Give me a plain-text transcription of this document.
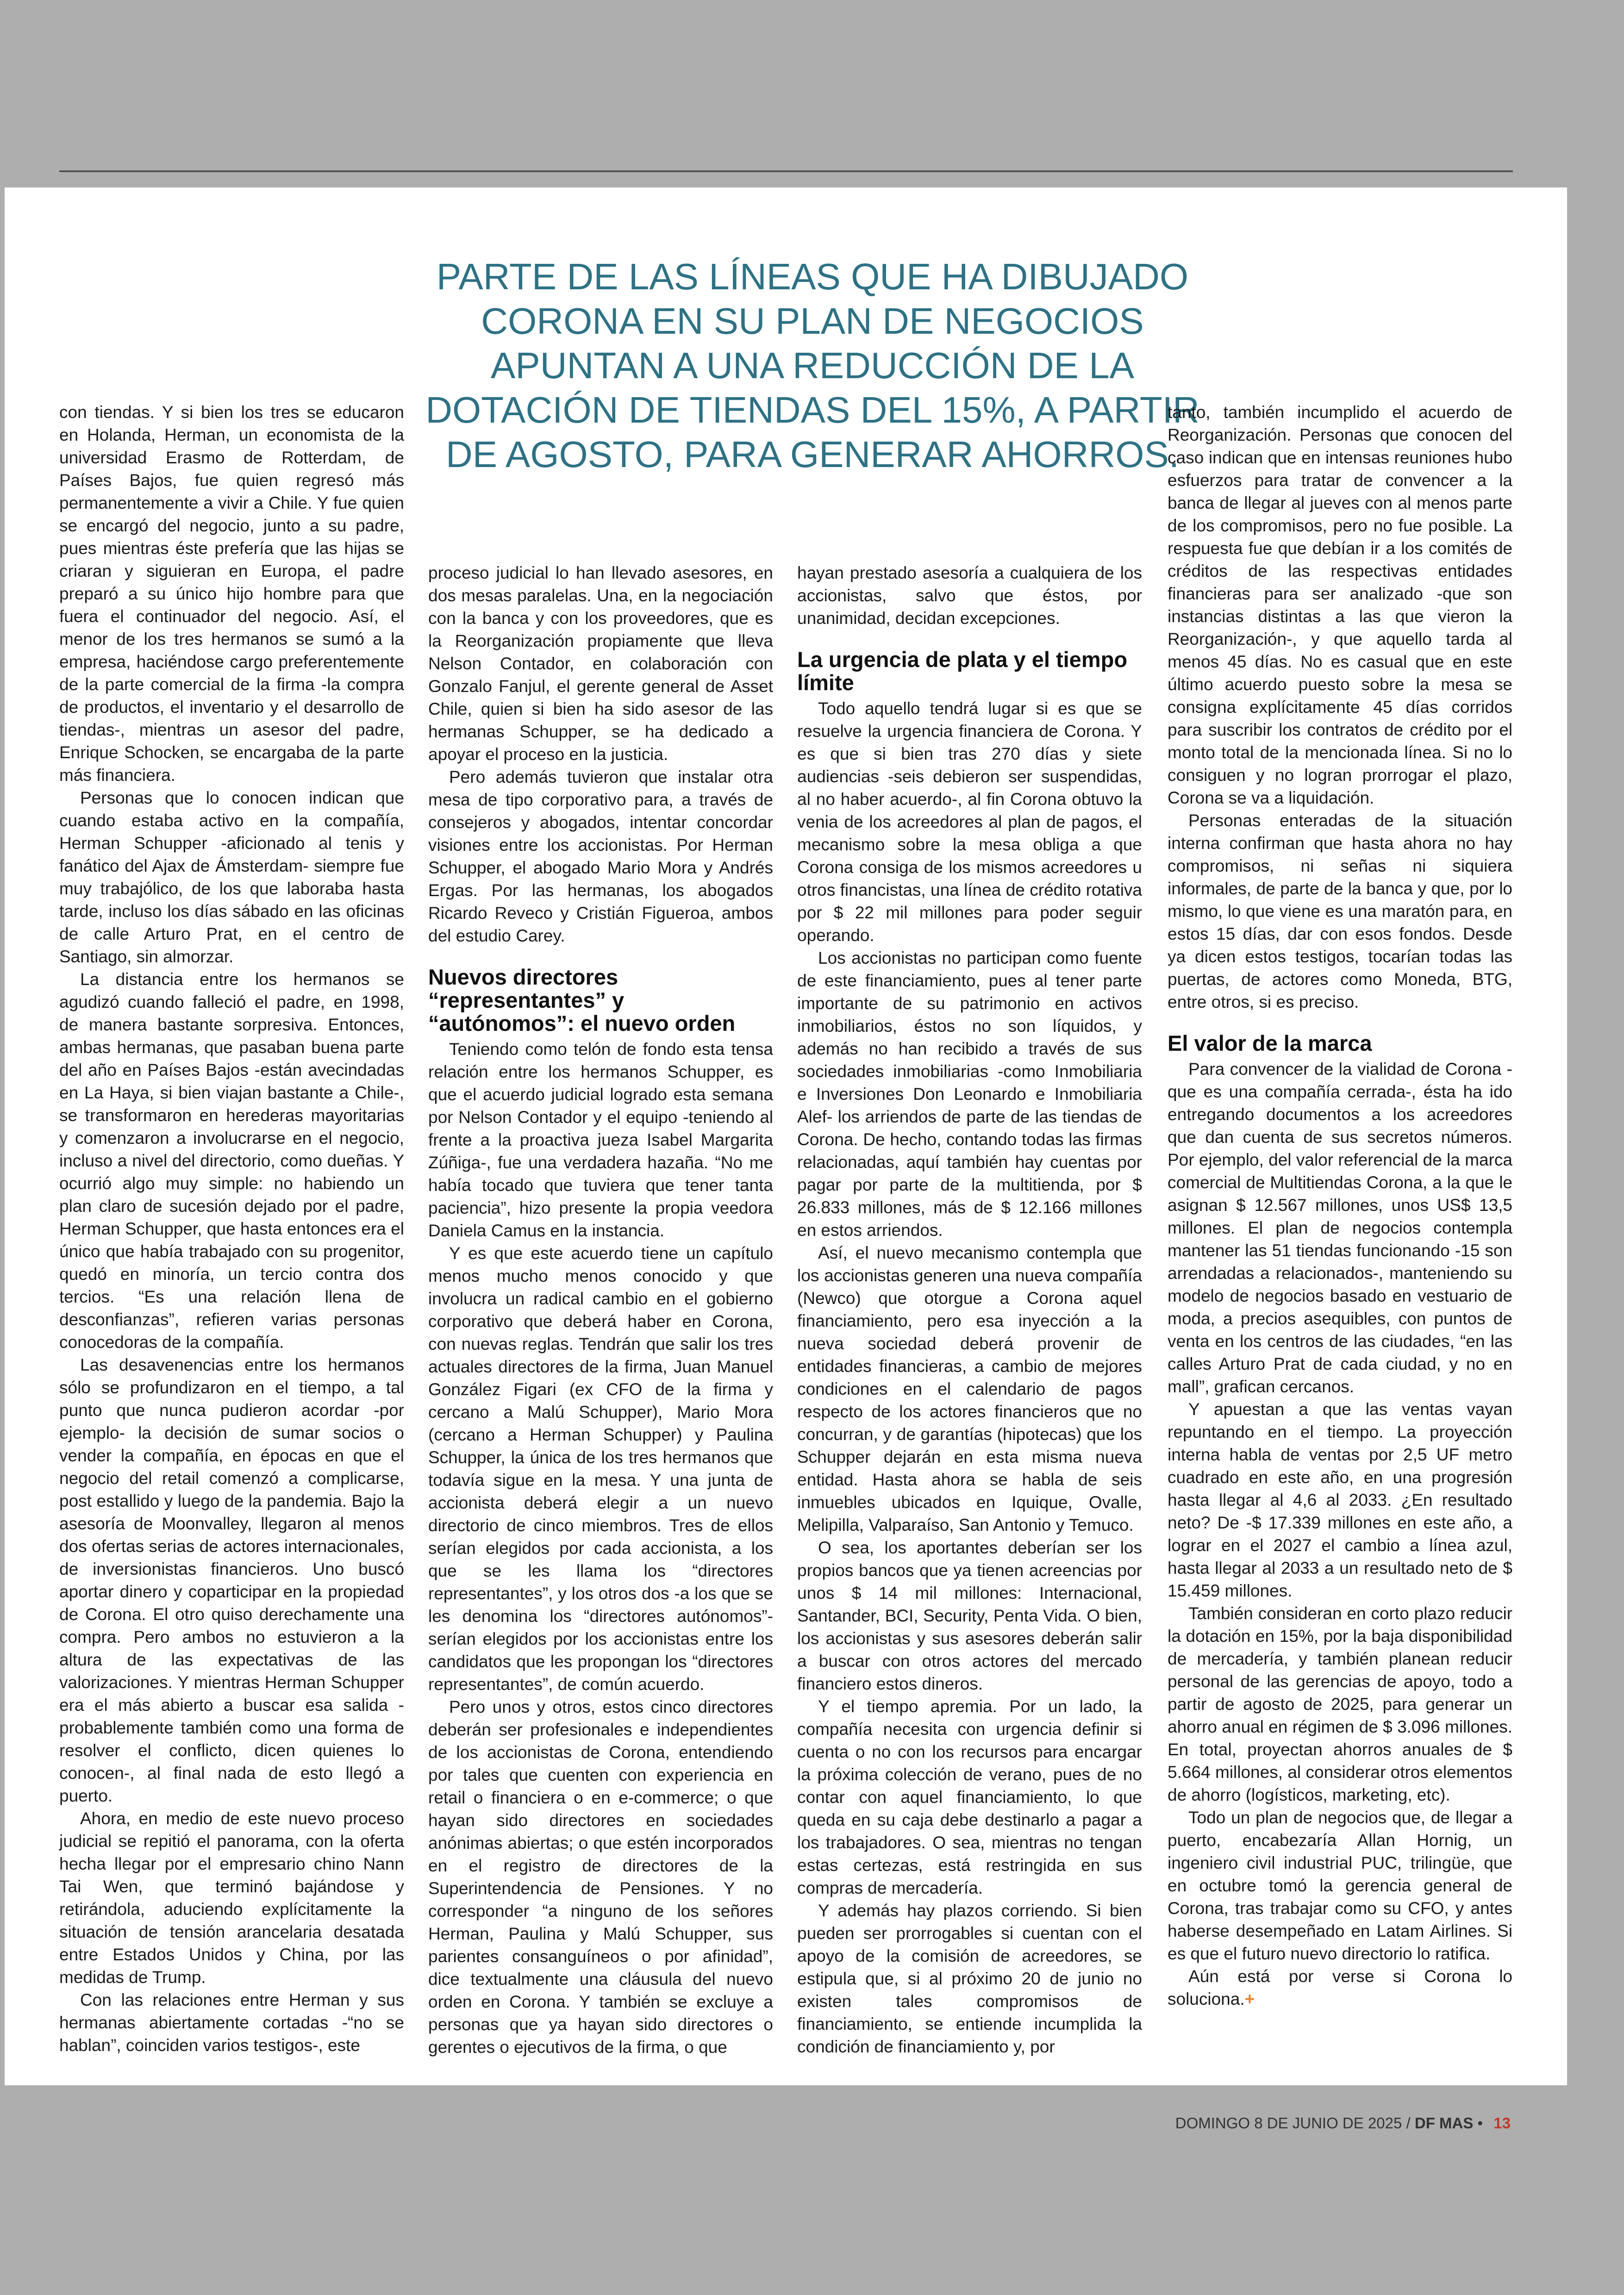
PARTE DE LAS LÍNEAS QUE HA DIBUJADO CORONA EN SU PLAN DE NEGOCIOS APUNTAN A UNA REDUCCIÓN DE LA DOTACIÓN DE TIENDAS DEL 15%, A PARTIR DE AGOSTO, PARA GENERAR AHORROS.

con tiendas. Y si bien los tres se educaron en Holanda, Herman, un economista de la universidad Erasmo de Rotterdam, de Países Bajos, fue quien regresó más permanentemente a vivir a Chile. Y fue quien se encargó del negocio, junto a su padre, pues mientras éste prefería que las hijas se criaran y siguieran en Europa, el padre preparó a su único hijo hombre para que fuera el continuador del negocio. Así, el menor de los tres hermanos se sumó a la empresa, haciéndose cargo preferentemente de la parte comercial de la firma -la compra de productos, el inventario y el desarrollo de tiendas-, mientras un asesor del padre, Enrique Schocken, se encargaba de la parte más financiera.

Personas que lo conocen indican que cuando estaba activo en la compañía, Herman Schupper -aficionado al tenis y fanático del Ajax de Ámsterdam- siempre fue muy trabajólico, de los que laboraba hasta tarde, incluso los días sábado en las oficinas de calle Arturo Prat, en el centro de Santiago, sin almorzar.

La distancia entre los hermanos se agudizó cuando falleció el padre, en 1998, de manera bastante sorpresiva. Entonces, ambas hermanas, que pasaban buena parte del año en Países Bajos -están avecindadas en La Haya, si bien viajan bastante a Chile-, se transformaron en herederas mayoritarias y comenzaron a involucrarse en el negocio, incluso a nivel del directorio, como dueñas. Y ocurrió algo muy simple: no habiendo un plan claro de sucesión dejado por el padre, Herman Schupper, que hasta entonces era el único que había trabajado con su progenitor, quedó en minoría, un tercio contra dos tercios. “Es una relación llena de desconfianzas”, refieren varias personas conocedoras de la compañía.

Las desavenencias entre los hermanos sólo se profundizaron en el tiempo, a tal punto que nunca pudieron acordar -por ejemplo- la decisión de sumar socios o vender la compañía, en épocas en que el negocio del retail comenzó a complicarse, post estallido y luego de la pandemia. Bajo la asesoría de Moonvalley, llegaron al menos dos ofertas serias de actores internacionales, de inversionistas financieros. Uno buscó aportar dinero y coparticipar en la propiedad de Corona. El otro quiso derechamente una compra. Pero ambos no estuvieron a la altura de las expectativas de las valorizaciones. Y mientras Herman Schupper era el más abierto a buscar esa salida -probablemente también como una forma de resolver el conflicto, dicen quienes lo conocen-, al final nada de esto llegó a puerto.

Ahora, en medio de este nuevo proceso judicial se repitió el panorama, con la oferta hecha llegar por el empresario chino Nann Tai Wen, que terminó bajándose y retirándola, aduciendo explícitamente la situación de tensión arancelaria desatada entre Estados Unidos y China, por las medidas de Trump.

Con las relaciones entre Herman y sus hermanas abiertamente cortadas -“no se hablan”, coinciden varios testigos-, este

proceso judicial lo han llevado asesores, en dos mesas paralelas. Una, en la negociación con la banca y con los proveedores, que es la Reorganización propiamente que lleva Nelson Contador, en colaboración con Gonzalo Fanjul, el gerente general de Asset Chile, quien si bien ha sido asesor de las hermanas Schupper, se ha dedicado a apoyar el proceso en la justicia.

Pero además tuvieron que instalar otra mesa de tipo corporativo para, a través de consejeros y abogados, intentar concordar visiones entre los accionistas. Por Herman Schupper, el abogado Mario Mora y Andrés Ergas. Por las hermanas, los abogados Ricardo Reveco y Cristián Figueroa, ambos del estudio Carey.

Nuevos directores “representantes” y “autónomos”: el nuevo orden

Teniendo como telón de fondo esta tensa relación entre los hermanos Schupper, es que el acuerdo judicial logrado esta semana por Nelson Contador y el equipo -teniendo al frente a la proactiva jueza Isabel Margarita Zúñiga-, fue una verdadera hazaña. “No me había tocado que tuviera que tener tanta paciencia”, hizo presente la propia veedora Daniela Camus en la instancia.

Y es que este acuerdo tiene un capítulo menos mucho menos conocido y que involucra un radical cambio en el gobierno corporativo que deberá haber en Corona, con nuevas reglas. Tendrán que salir los tres actuales directores de la firma, Juan Manuel González Figari (ex CFO de la firma y cercano a Malú Schupper), Mario Mora (cercano a Herman Schupper) y Paulina Schupper, la única de los tres hermanos que todavía sigue en la mesa. Y una junta de accionista deberá elegir a un nuevo directorio de cinco miembros. Tres de ellos serían elegidos por cada accionista, a los que se les llama los “directores representantes”, y los otros dos -a los que se les denomina los “directores autónomos”- serían elegidos por los accionistas entre los candidatos que les propongan los “directores representantes”, de común acuerdo.

Pero unos y otros, estos cinco directores deberán ser profesionales e independientes de los accionistas de Corona, entendiendo por tales que cuenten con experiencia en retail o financiera o en e-commerce; o que hayan sido directores en sociedades anónimas abiertas; o que estén incorporados en el registro de directores de la Superintendencia de Pensiones. Y no corresponder “a ninguno de los señores Herman, Paulina y Malú Schupper, sus parientes consanguíneos o por afinidad”, dice textualmente una cláusula del nuevo orden en Corona. Y también se excluye a personas que ya hayan sido directores o gerentes o ejecutivos de la firma, o que

hayan prestado asesoría a cualquiera de los accionistas, salvo que éstos, por unanimidad, decidan excepciones.

La urgencia de plata y el tiempo límite

Todo aquello tendrá lugar si es que se resuelve la urgencia financiera de Corona. Y es que si bien tras 270 días y siete audiencias -seis debieron ser suspendidas, al no haber acuerdo-, al fin Corona obtuvo la venia de los acreedores al plan de pagos, el mecanismo sobre la mesa obliga a que Corona consiga de los mismos acreedores u otros financistas, una línea de crédito rotativa por $ 22 mil millones para poder seguir operando.

Los accionistas no participan como fuente de este financiamiento, pues al tener parte importante de su patrimonio en activos inmobiliarios, éstos no son líquidos, y además no han recibido a través de sus sociedades inmobiliarias -como Inmobiliaria e Inversiones Don Leonardo e Inmobiliaria Alef- los arriendos de parte de las tiendas de Corona. De hecho, contando todas las firmas relacionadas, aquí también hay cuentas por pagar por parte de la multitienda, por $ 26.833 millones, más de $ 12.166 millones en estos arriendos.

Así, el nuevo mecanismo contempla que los accionistas generen una nueva compañía (Newco) que otorgue a Corona aquel financiamiento, pero esa inyección a la nueva sociedad deberá provenir de entidades financieras, a cambio de mejores condiciones en el calendario de pagos respecto de los actores financieros que no concurran, y de garantías (hipotecas) que los Schupper dejarán en esta misma nueva entidad. Hasta ahora se habla de seis inmuebles ubicados en Iquique, Ovalle, Melipilla, Valparaíso, San Antonio y Temuco.

O sea, los aportantes deberían ser los propios bancos que ya tienen acreencias por unos $ 14 mil millones: Internacional, Santander, BCI, Security, Penta Vida. O bien, los accionistas y sus asesores deberán salir a buscar con otros actores del mercado financiero estos dineros.

Y el tiempo apremia. Por un lado, la compañía necesita con urgencia definir si cuenta o no con los recursos para encargar la próxima colección de verano, pues de no contar con aquel financiamiento, lo que queda en su caja debe destinarlo a pagar a los trabajadores. O sea, mientras no tengan estas certezas, está restringida en sus compras de mercadería.

Y además hay plazos corriendo. Si bien pueden ser prorrogables si cuentan con el apoyo de la comisión de acreedores, se estipula que, si al próximo 20 de junio no existen tales compromisos de financiamiento, se entiende incumplida la condición de financiamiento y, por

tanto, también incumplido el acuerdo de Reorganización. Personas que conocen del caso indican que en intensas reuniones hubo esfuerzos para tratar de convencer a la banca de llegar al jueves con al menos parte de los compromisos, pero no fue posible. La respuesta fue que debían ir a los comités de créditos de las respectivas entidades financieras para ser analizado -que son instancias distintas a las que vieron la Reorganización-, y que aquello tarda al menos 45 días. No es casual que en este último acuerdo puesto sobre la mesa se consigna explícitamente 45 días corridos para suscribir los contratos de crédito por el monto total de la mencionada línea. Si no lo consiguen y no logran prorrogar el plazo, Corona se va a liquidación.

Personas enteradas de la situación interna confirman que hasta ahora no hay compromisos, ni señas ni siquiera informales, de parte de la banca y que, por lo mismo, lo que viene es una maratón para, en estos 15 días, dar con esos fondos. Desde ya dicen estos testigos, tocarían todas las puertas, de actores como Moneda, BTG, entre otros, si es preciso.

El valor de la marca

Para convencer de la vialidad de Corona -que es una compañía cerrada-, ésta ha ido entregando documentos a los acreedores que dan cuenta de sus secretos números. Por ejemplo, del valor referencial de la marca comercial de Multitiendas Corona, a la que le asignan $ 12.567 millones, unos US$ 13,5 millones. El plan de negocios contempla mantener las 51 tiendas funcionando -15 son arrendadas a relacionados-, manteniendo su modelo de negocios basado en vestuario de moda, a precios asequibles, con puntos de venta en los centros de las ciudades, “en las calles Arturo Prat de cada ciudad, y no en mall”, grafican cercanos.

Y apuestan a que las ventas vayan repuntando en el tiempo. La proyección interna habla de ventas por 2,5 UF metro cuadrado en este año, en una progresión hasta llegar al 4,6 al 2033. ¿En resultado neto? De -$ 17.339 millones en este año, a lograr en el 2027 el cambio a línea azul, hasta llegar al 2033 a un resultado neto de $ 15.459 millones.

También consideran en corto plazo reducir la dotación en 15%, por la baja disponibilidad de mercadería, y también planean reducir personal de las gerencias de apoyo, todo a partir de agosto de 2025, para generar un ahorro anual en régimen de $ 3.096 millones. En total, proyectan ahorros anuales de $ 5.664 millones, al considerar otros elementos de ahorro (logísticos, marketing, etc).

Todo un plan de negocios que, de llegar a puerto, encabezaría Allan Hornig, un ingeniero civil industrial PUC, trilingüe, que en octubre tomó la gerencia general de Corona, tras trabajar como su CFO, y antes haberse desempeñado en Latam Airlines. Si es que el futuro nuevo directorio lo ratifica.

Aún está por verse si Corona lo soluciona.+

DOMINGO 8 DE JUNIO DE 2025 / DF MAS • 13
